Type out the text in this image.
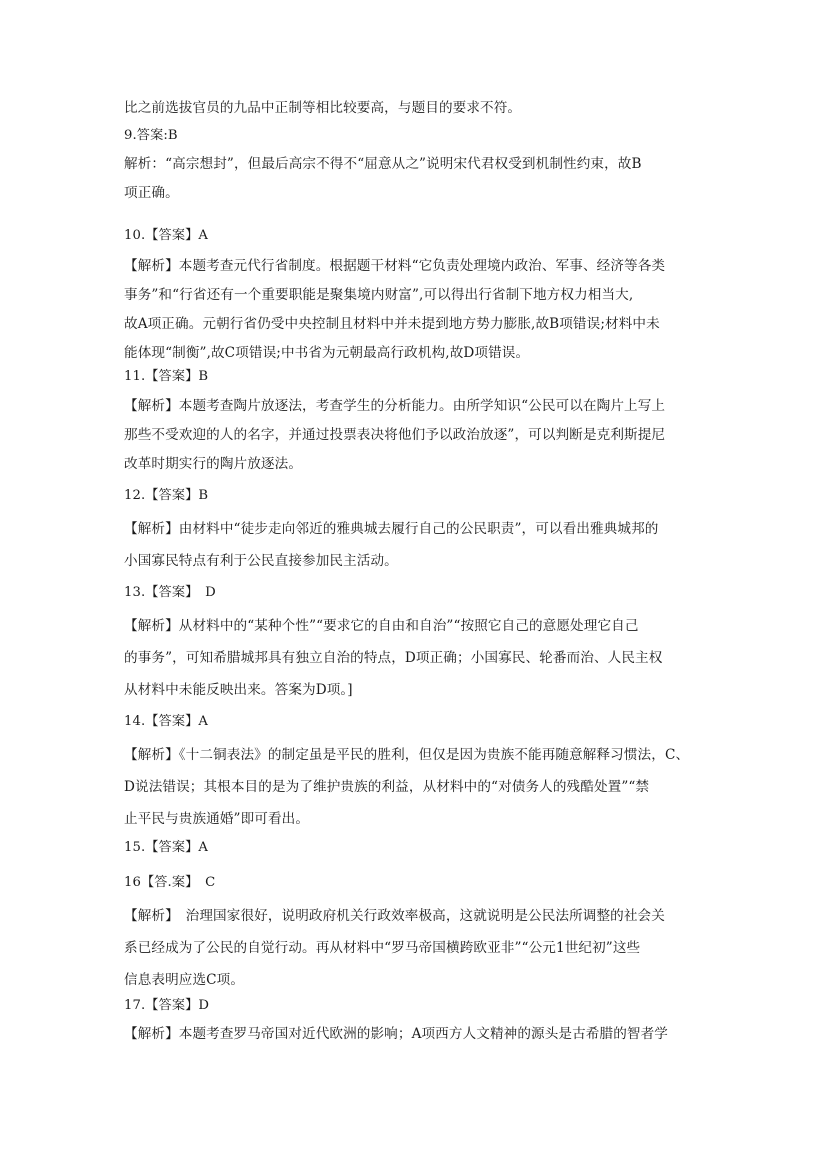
比之前选拔官员的九品中正制等相比较要高，与题目的要求不符。
9.答案:B
解析：“高宗想封”，但最后高宗不得不“屈意从之”说明宋代君权受到机制性约束，故B
项正确。
10.【答案】A
【解析】本题考查元代行省制度。根据题干材料“它负责处理境内政治、军事、经济等各类
事务”和“行省还有一个重要职能是聚集境内财富”,可以得出行省制下地方权力相当大,
故A项正确。元朝行省仍受中央控制且材料中并未提到地方势力膨胀,故B项错误;材料中未
能体现“制衡”,故C项错误;中书省为元朝最高行政机构,故D项错误。
11.【答案】B
【解析】本题考查陶片放逐法，考查学生的分析能力。由所学知识“公民可以在陶片上写上
那些不受欢迎的人的名字，并通过投票表决将他们予以政治放逐”，可以判断是克利斯提尼
改革时期实行的陶片放逐法。
12.【答案】B
【解析】由材料中“徒步走向邻近的雅典城去履行自己的公民职责”，可以看出雅典城邦的
小国寡民特点有利于公民直接参加民主活动。
13.【答案】　D
【解析】从材料中的“某种个性”“要求它的自由和自治”“按照它自己的意愿处理它自己
的事务”，可知希腊城邦具有独立自治的特点，D项正确；小国寡民、轮番而治、人民主权
从材料中未能反映出来。答案为D项。]
14.【答案】A
【解析】《十二铜表法》的制定虽是平民的胜利，但仅是因为贵族不能再随意解释习惯法，C、
D说法错误；其根本目的是为了维护贵族的利益，从材料中的“对债务人的残酷处置”“禁
止平民与贵族通婚”即可看出。
15.【答案】A
16【答.案】　C
【解析】　治理国家很好，说明政府机关行政效率极高，这就说明是公民法所调整的社会关
系已经成为了公民的自觉行动。再从材料中“罗马帝国横跨欧亚非”“公元1世纪初”这些
信息表明应选C项。
17.【答案】D
【解析】本题考查罗马帝国对近代欧洲的影响；A项西方人文精神的源头是古希腊的智者学
